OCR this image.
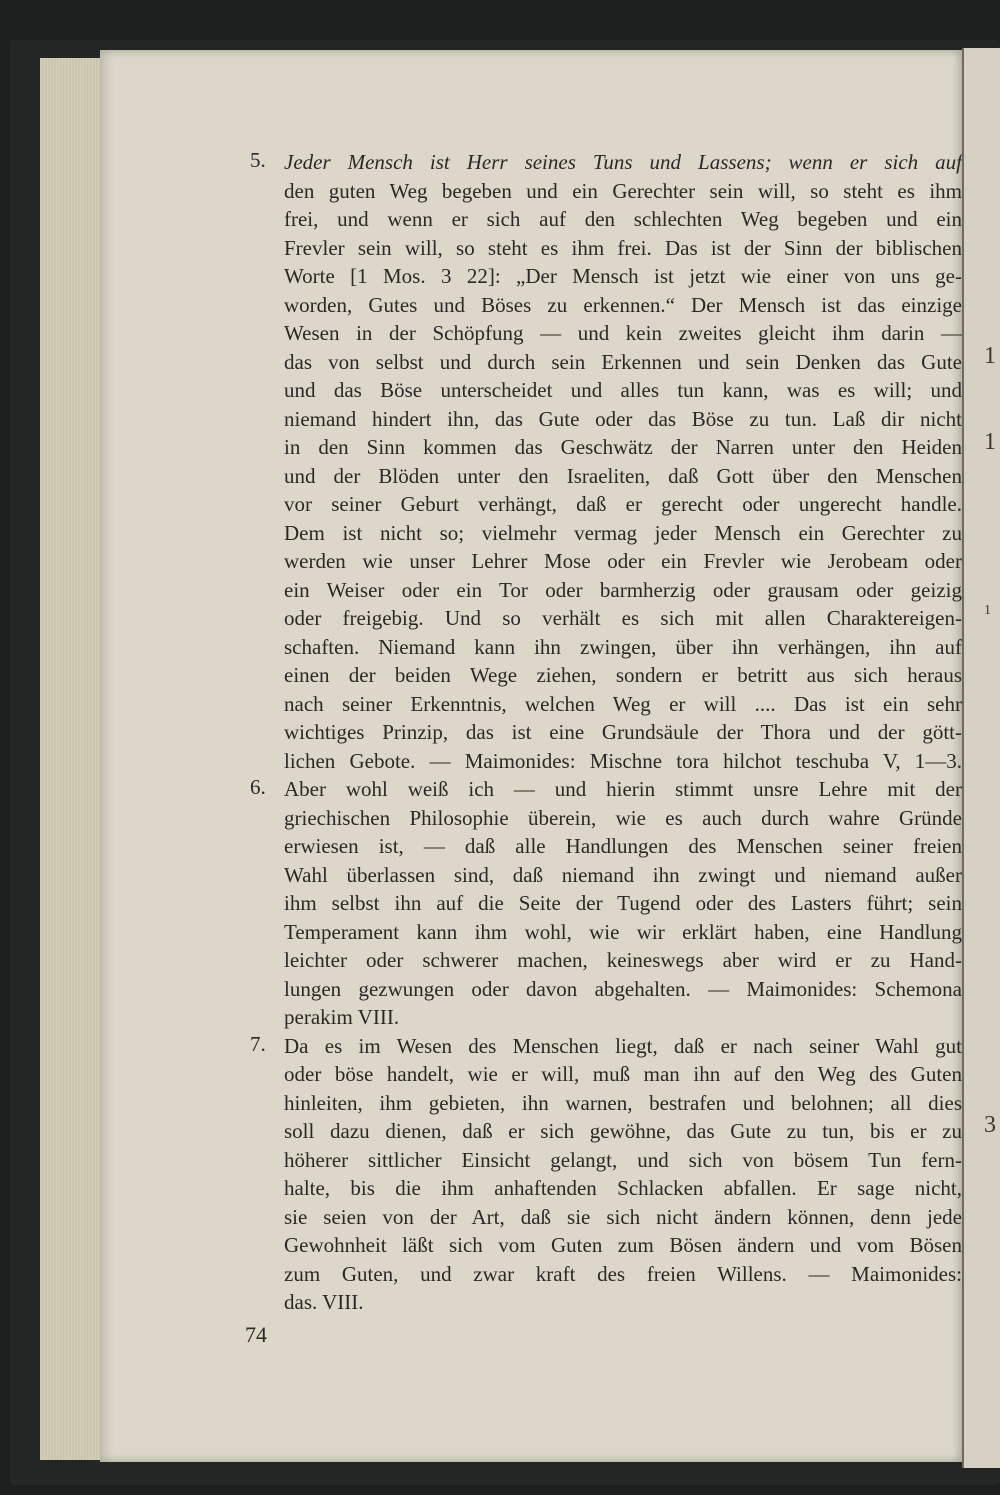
1
1
1
3
5. Jeder Mensch ist Herr seines Tuns und Lassens; wenn er sich auf
den guten Weg begeben und ein Gerechter sein will, so steht es ihm
frei, und wenn er sich auf den schlechten Weg begeben und ein
Frevler sein will, so steht es ihm frei. Das ist der Sinn der biblischen
Worte [1 Mos. 3 22]: „Der Mensch ist jetzt wie einer von uns ge-
worden, Gutes und Böses zu erkennen.“ Der Mensch ist das einzige
Wesen in der Schöpfung — und kein zweites gleicht ihm darin —
das von selbst und durch sein Erkennen und sein Denken das Gute
und das Böse unterscheidet und alles tun kann, was es will; und
niemand hindert ihn, das Gute oder das Böse zu tun. Laß dir nicht
in den Sinn kommen das Geschwätz der Narren unter den Heiden
und der Blöden unter den Israeliten, daß Gott über den Menschen
vor seiner Geburt verhängt, daß er gerecht oder ungerecht handle.
Dem ist nicht so; vielmehr vermag jeder Mensch ein Gerechter zu
werden wie unser Lehrer Mose oder ein Frevler wie Jerobeam oder
ein Weiser oder ein Tor oder barmherzig oder grausam oder geizig
oder freigebig. Und so verhält es sich mit allen Charaktereigen-
schaften. Niemand kann ihn zwingen, über ihn verhängen, ihn auf
einen der beiden Wege ziehen, sondern er betritt aus sich heraus
nach seiner Erkenntnis, welchen Weg er will .... Das ist ein sehr
wichtiges Prinzip, das ist eine Grundsäule der Thora und der gött-
lichen Gebote. — Maimonides: Mischne tora hilchot teschuba V, 1—3.
6. Aber wohl weiß ich — und hierin stimmt unsre Lehre mit der
griechischen Philosophie überein, wie es auch durch wahre Gründe
erwiesen ist, — daß alle Handlungen des Menschen seiner freien
Wahl überlassen sind, daß niemand ihn zwingt und niemand außer
ihm selbst ihn auf die Seite der Tugend oder des Lasters führt; sein
Temperament kann ihm wohl, wie wir erklärt haben, eine Handlung
leichter oder schwerer machen, keineswegs aber wird er zu Hand-
lungen gezwungen oder davon abgehalten. — Maimonides: Schemona
perakim VIII.
7. Da es im Wesen des Menschen liegt, daß er nach seiner Wahl gut
oder böse handelt, wie er will, muß man ihn auf den Weg des Guten
hinleiten, ihm gebieten, ihn warnen, bestrafen und belohnen; all dies
soll dazu dienen, daß er sich gewöhne, das Gute zu tun, bis er zu
höherer sittlicher Einsicht gelangt, und sich von bösem Tun fern-
halte, bis die ihm anhaftenden Schlacken abfallen. Er sage nicht,
sie seien von der Art, daß sie sich nicht ändern können, denn jede
Gewohnheit läßt sich vom Guten zum Bösen ändern und vom Bösen
zum Guten, und zwar kraft des freien Willens. — Maimonides:
das. VIII.
74
